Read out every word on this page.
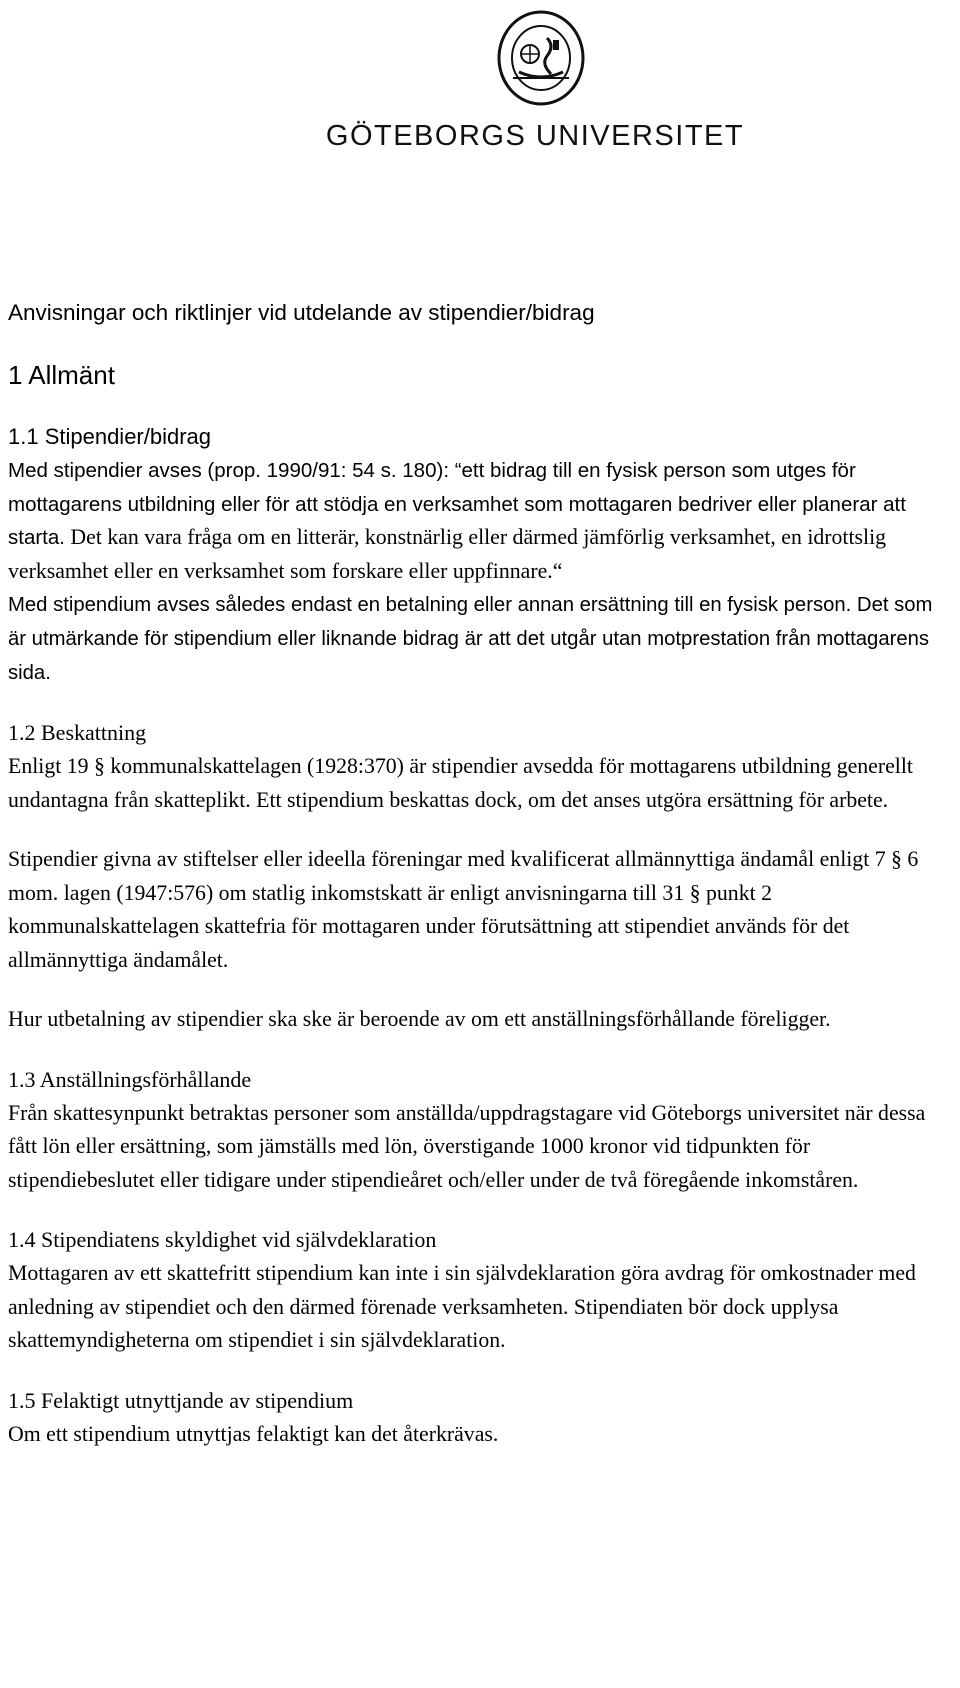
GÖTEBORGS UNIVERSITET

Anvisningar och riktlinjer vid utdelande av stipendier/bidrag

1 Allmänt

1.1 Stipendier/bidrag

Med stipendier avses (prop. 1990/91: 54 s. 180): “ett bidrag till en fysisk person som utges för mottagarens utbildning eller för att stödja en verksamhet som mottagaren bedriver eller planerar att starta. Det kan vara fråga om en litterär, konstnärlig eller därmed jämförlig verksamhet, en idrottslig verksamhet eller en verksamhet som forskare eller uppfinnare.“

Med stipendium avses således endast en betalning eller annan ersättning till en fysisk person. Det som är utmärkande för stipendium eller liknande bidrag är att det utgår utan motprestation från mottagarens sida.

1.2 Beskattning

Enligt 19 § kommunalskattelagen (1928:370) är stipendier avsedda för mottagarens utbildning generellt undantagna från skatteplikt. Ett stipendium beskattas dock, om det anses utgöra ersättning för arbete.

Stipendier givna av stiftelser eller ideella föreningar med kvalificerat allmännyttiga ändamål enligt 7 § 6 mom. lagen (1947:576) om statlig inkomstskatt är enligt anvisningarna till 31 § punkt 2 kommunalskattelagen skattefria för mottagaren under förutsättning att stipendiet används för det allmännyttiga ändamålet.

Hur utbetalning av stipendier ska ske är beroende av om ett anställningsförhållande föreligger.

1.3 Anställningsförhållande

Från skattesynpunkt betraktas personer som anställda/uppdragstagare vid Göteborgs universitet när dessa fått lön eller ersättning, som jämställs med lön, överstigande 1000 kronor vid tidpunkten för stipendiebeslutet eller tidigare under stipendieåret och/eller under de två föregående inkomståren.

1.4 Stipendiatens skyldighet vid självdeklaration

Mottagaren av ett skattefritt stipendium kan inte i sin självdeklaration göra avdrag för omkostnader med anledning av stipendiet och den därmed förenade verksamheten. Stipendiaten bör dock upplysa skattemyndigheterna om stipendiet i sin självdeklaration.

1.5 Felaktigt utnyttjande av stipendium

Om ett stipendium utnyttjas felaktigt kan det återkrävas.
